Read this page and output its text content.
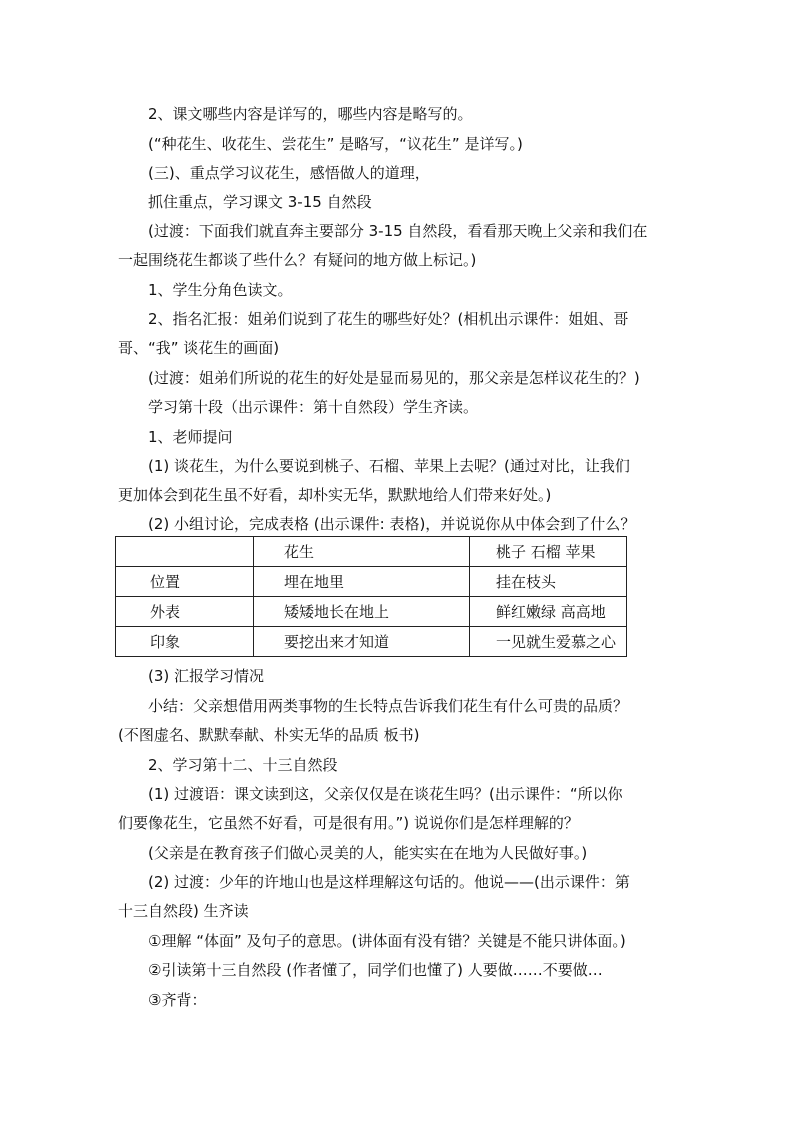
2、课文哪些内容是详写的，哪些内容是略写的。
(“种花生、收花生、尝花生” 是略写，“议花生” 是详写。)
(三)、重点学习议花生，感悟做人的道理，
抓住重点，学习课文 3-15 自然段
(过渡：下面我们就直奔主要部分 3-15 自然段，看看那天晚上父亲和我们在
一起围绕花生都谈了些什么？有疑问的地方做上标记。)
1、学生分角色读文。
2、指名汇报：姐弟们说到了花生的哪些好处？(相机出示课件：姐姐、哥
哥、“我” 谈花生的画面)
(过渡：姐弟们所说的花生的好处是显而易见的，那父亲是怎样议花生的？)
学习第十段（出示课件：第十自然段）学生齐读。
1、老师提问
(1) 谈花生，为什么要说到桃子、石榴、苹果上去呢？(通过对比，让我们
更加体会到花生虽不好看，却朴实无华，默默地给人们带来好处。)
(2) 小组讨论，完成表格 (出示课件: 表格)，并说说你从中体会到了什么？
	花生	桃子 石榴 苹果
位置	埋在地里	挂在枝头
外表	矮矮地长在地上	鲜红嫩绿 高高地
印象	要挖出来才知道	一见就生爱慕之心
(3) 汇报学习情况
小结：父亲想借用两类事物的生长特点告诉我们花生有什么可贵的品质？
(不图虚名、默默奉献、朴实无华的品质 板书)
2、学习第十二、十三自然段
(1) 过渡语：课文读到这，父亲仅仅是在谈花生吗？(出示课件：“所以你
们要像花生，它虽然不好看，可是很有用。”) 说说你们是怎样理解的？
(父亲是在教育孩子们做心灵美的人，能实实在在地为人民做好事。)
(2) 过渡：少年的许地山也是这样理解这句话的。他说——(出示课件：第
十三自然段) 生齐读
①理解 “体面” 及句子的意思。(讲体面有没有错？关键是不能只讲体面。)
②引读第十三自然段 (作者懂了，同学们也懂了) 人要做……不要做…
③齐背：
